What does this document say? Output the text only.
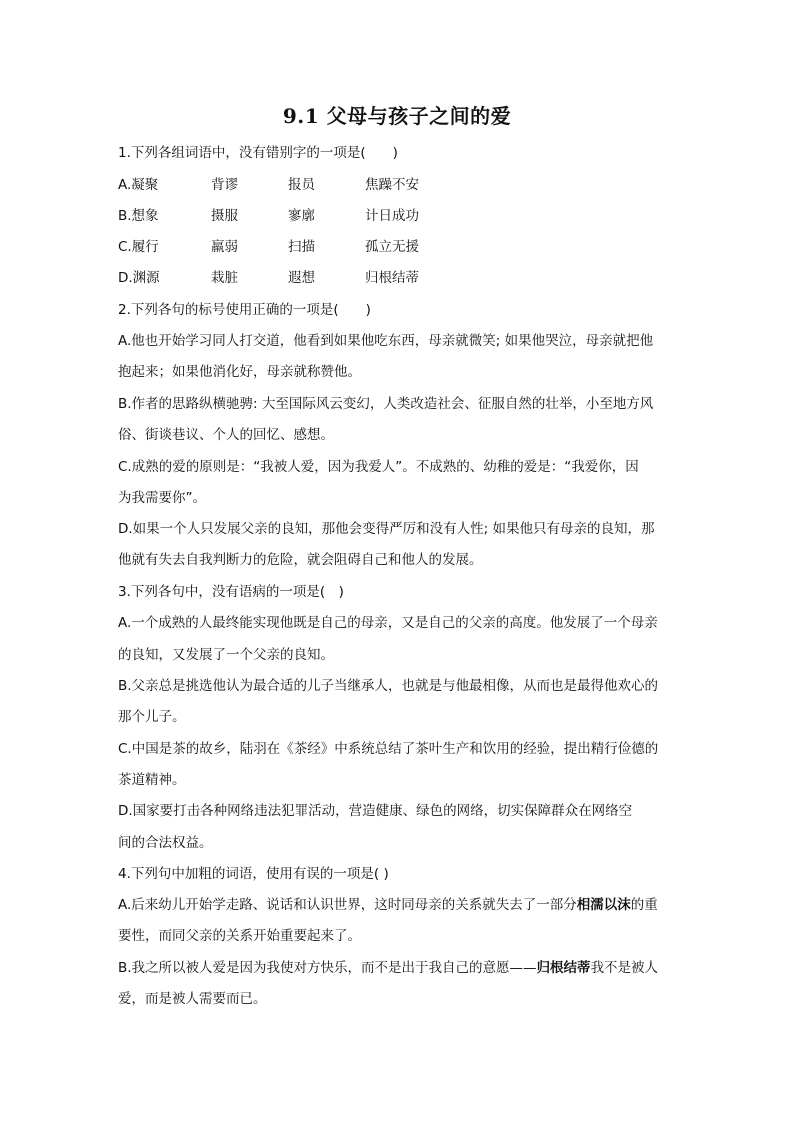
9.1 父母与孩子之间的爱
1.下列各组词语中，没有错别字的一项是(　　)
A.凝聚	背谬	报员	焦躁不安
B.想象	摄服	寥廓	计日成功
C.履行	羸弱	扫描	孤立无援
D.渊源	栽脏	遐想	归根结蒂
2.下列各句的标号使用正确的一项是(　　)
A.他也开始学习同人打交道，他看到如果他吃东西，母亲就微笑; 如果他哭泣，母亲就把他
抱起来；如果他消化好，母亲就称赞他。
B.作者的思路纵横驰骋: 大至国际风云变幻，人类改造社会、征服自然的壮举，小至地方风
俗、街谈巷议、个人的回忆、感想。
C.成熟的爱的原则是：“我被人爱，因为我爱人”。不成熟的、幼稚的爱是：“我爱你，因
为我需要你”。
D.如果一个人只发展父亲的良知，那他会变得严厉和没有人性; 如果他只有母亲的良知，那
他就有失去自我判断力的危险，就会阻碍自己和他人的发展。
3.下列各句中，没有语病的一项是(　)
A.一个成熟的人最终能实现他既是自己的母亲，又是自己的父亲的高度。他发展了一个母亲
的良知，又发展了一个父亲的良知。
B.父亲总是挑选他认为最合适的儿子当继承人，也就是与他最相像，从而也是最得他欢心的
那个儿子。
C.中国是茶的故乡，陆羽在《茶经》中系统总结了茶叶生产和饮用的经验，提出精行俭德的
茶道精神。
D.国家要打击各种网络违法犯罪活动，营造健康、绿色的网络，切实保障群众在网络空
间的合法权益。
4.下列句中加粗的词语，使用有误的一项是( )
A.后来幼儿开始学走路、说话和认识世界，这时同母亲的关系就失去了一部分相濡以沫的重
要性，而同父亲的关系开始重要起来了。
B.我之所以被人爱是因为我使对方快乐，而不是出于我自己的意愿——归根结蒂我不是被人
爱，而是被人需要而已。
